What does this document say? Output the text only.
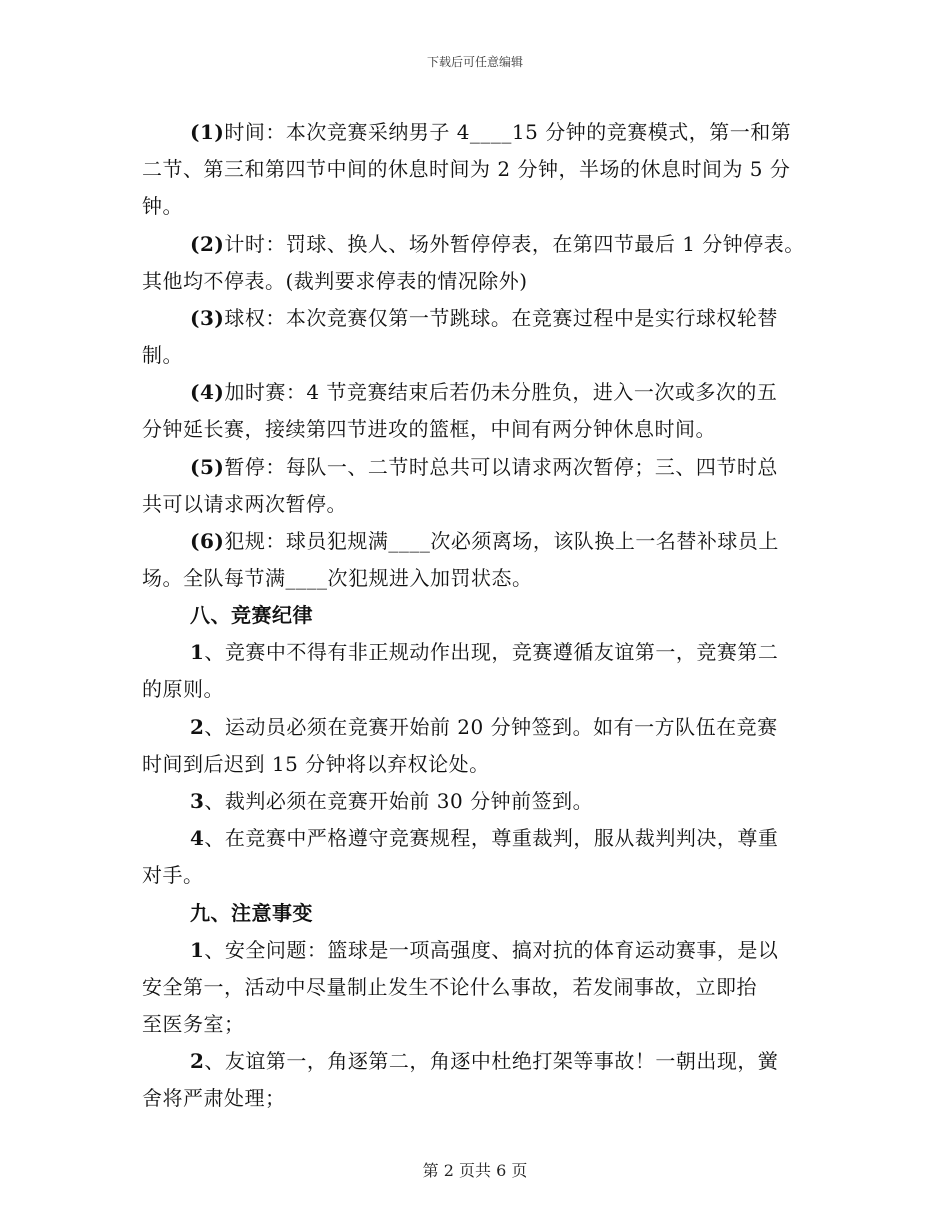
下载后可任意编辑
(1)时间：本次竞赛采纳男子 4____15 分钟的竞赛模式，第一和第
二节、第三和第四节中间的休息时间为 2 分钟，半场的休息时间为 5 分
钟。
(2)计时：罚球、换人、场外暂停停表，在第四节最后 1 分钟停表。
其他均不停表。(裁判要求停表的情况除外)
(3)球权：本次竞赛仅第一节跳球。在竞赛过程中是实行球权轮替
制。
(4)加时赛：4 节竞赛结束后若仍未分胜负，进入一次或多次的五
分钟延长赛，接续第四节进攻的篮框，中间有两分钟休息时间。
(5)暂停：每队一、二节时总共可以请求两次暂停；三、四节时总
共可以请求两次暂停。
(6)犯规：球员犯规满____次必须离场，该队换上一名替补球员上
场。全队每节满____次犯规进入加罚状态。
八、竞赛纪律
1、竞赛中不得有非正规动作出现，竞赛遵循友谊第一，竞赛第二
的原则。
2、运动员必须在竞赛开始前 20 分钟签到。如有一方队伍在竞赛
时间到后迟到 15 分钟将以弃权论处。
3、裁判必须在竞赛开始前 30 分钟前签到。
4、在竞赛中严格遵守竞赛规程，尊重裁判，服从裁判判决，尊重
对手。
九、注意事变
1、安全问题：篮球是一项高强度、搞对抗的体育运动赛事，是以
安全第一，活动中尽量制止发生不论什么事故，若发闹事故，立即抬
至医务室；
2、友谊第一，角逐第二，角逐中杜绝打架等事故！一朝出现，黉
舍将严肃处理；
第 2 页共 6 页
